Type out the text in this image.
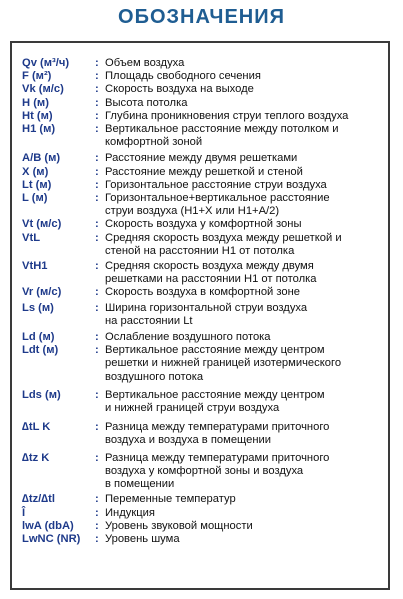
ОБОЗНАЧЕНИЯ
Qv (м³/ч)	: Объем воздуха
F (м²)	: Площадь свободного сечения
Vk (м/с)	: Скорость воздуха на выходе
H (м)	: Высота потолка
Ht (м)	: Глубина проникновения струи теплого воздуха
H1 (м)	: Вертикальное расстояние между потолком и
комфортной зоной
A/B (м)	: Расстояние между двумя решетками
X (м)	: Расстояние между решеткой и стеной
Lt (м)	: Горизонтальное расстояние струи воздуха
L (м)	: Горизонтальное+вертикальное расстояние
струи воздуха (H1+X или H1+A/2)
Vt (м/с)	: Скорость воздуха у комфортной зоны
VtL	: Средняя скорость воздуха между решеткой и
стеной на расстоянии H1 от потолка
VtH1	: Средняя скорость воздуха между двумя
решетками на расстоянии H1 от потолка
Vr (м/с)	: Скорость воздуха в комфортной зоне
Ls (м)	: Ширина горизонтальной струи воздуха
на расстоянии Lt
Ld (м)	: Ослабление воздушного потока
Ldt (м)	: Вертикальное расстояние между центром
решетки и нижней границей изотермического
воздушного потока
Lds (м)	: Вертикальное расстояние между центром
и нижней границей струи воздуха
∆tL K	: Разница между температурами приточного
воздуха и воздуха в помещении
∆tz K	: Разница между температурами приточного
воздуха у комфортной зоны и воздуха
в помещении
∆tz/∆tl	: Переменные температур
Î	: Индукция
lwA (dbA)	: Уровень звуковой мощности
LwNC (NR)	: Уровень шума
